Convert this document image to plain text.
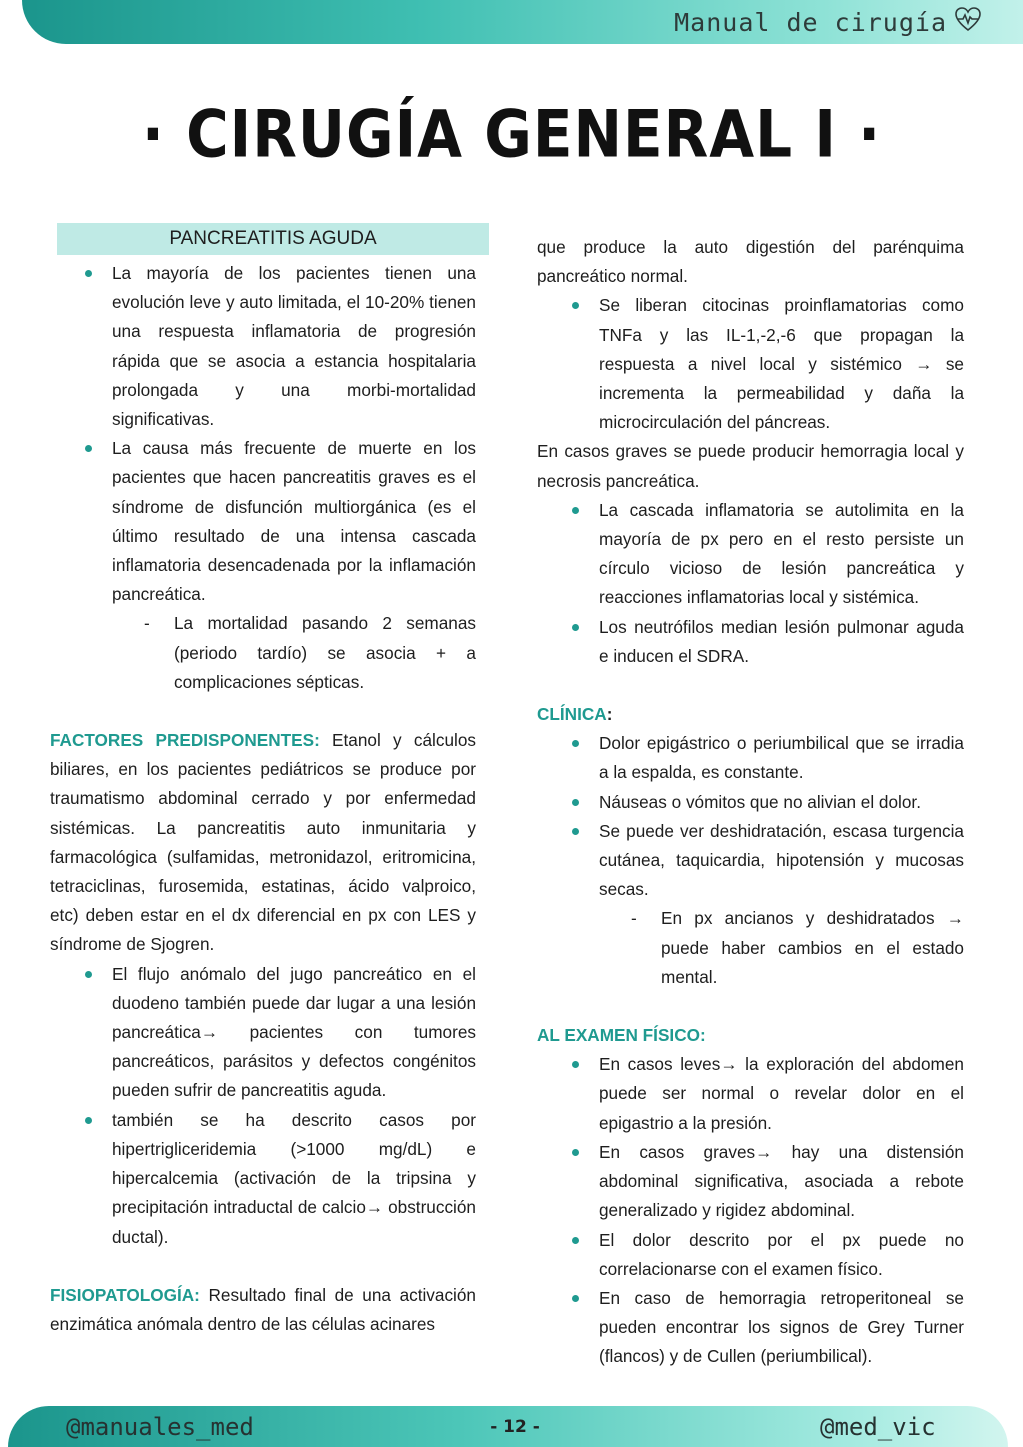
Manual de cirugía
· CIRUGÍA GENERAL I ·
PANCREATITIS AGUDA
La mayoría de los pacientes tienen una evolución leve y auto limitada, el 10-20% tienen una respuesta inflamatoria de progresión rápida que se asocia a estancia hospitalaria prolongada y una morbi-mortalidad significativas.
La causa más frecuente de muerte en los pacientes que hacen pancreatitis graves es el síndrome de disfunción multiorgánica (es el último resultado de una intensa cascada inflamatoria desencadenada por la inflamación pancreática.
- La mortalidad pasando 2 semanas (periodo tardío) se asocia + a complicaciones sépticas.

FACTORES PREDISPONENTES: Etanol y cálculos biliares, en los pacientes pediátricos se produce por traumatismo abdominal cerrado y por enfermedad sistémicas. La pancreatitis auto inmunitaria y farmacológica (sulfamidas, metronidazol, eritromicina, tetraciclinas, furosemida, estatinas, ácido valproico, etc) deben estar en el dx diferencial en px con LES y síndrome de Sjogren.

El flujo anómalo del jugo pancreático en el duodeno también puede dar lugar a una lesión pancreática→ pacientes con tumores pancreáticos, parásitos y defectos congénitos pueden sufrir de pancreatitis aguda.
también se ha descrito casos por hipertrigliceridemia (>1000 mg/dL) e hipercalcemia (activación de la tripsina y precipitación intraductal de calcio→ obstrucción ductal).

FISIOPATOLOGÍA: Resultado final de una activación enzimática anómala dentro de las células acinares

que produce la auto digestión del parénquima pancreático normal.

Se liberan citocinas proinflamatorias como TNFa y las IL-1,-2,-6 que propagan la respuesta a nivel local y sistémico → se incrementa la permeabilidad y daña la microcirculación del páncreas.

En casos graves se puede producir hemorragia local y necrosis pancreática.

La cascada inflamatoria se autolimita en la mayoría de px pero en el resto persiste un círculo vicioso de lesión pancreática y reacciones inflamatorias local y sistémica.
Los neutrófilos median lesión pulmonar aguda e inducen el SDRA.

CLÍNICA:

Dolor epigástrico o periumbilical que se irradia a la espalda, es constante.
Náuseas o vómitos que no alivian el dolor.
Se puede ver deshidratación, escasa turgencia cutánea, taquicardia, hipotensión y mucosas secas.
- En px ancianos y deshidratados → puede haber cambios en el estado mental.

AL EXAMEN FÍSICO:

En casos leves→ la exploración del abdomen puede ser normal o revelar dolor en el epigastrio a la presión.
En casos graves→ hay una distensión abdominal significativa, asociada a rebote generalizado y rigidez abdominal.
El dolor descrito por el px puede no correlacionarse con el examen físico.
En caso de hemorragia retroperitoneal se pueden encontrar los signos de Grey Turner (flancos) y de Cullen (periumbilical).
@manuales_med	- 12 -	@med_vic
